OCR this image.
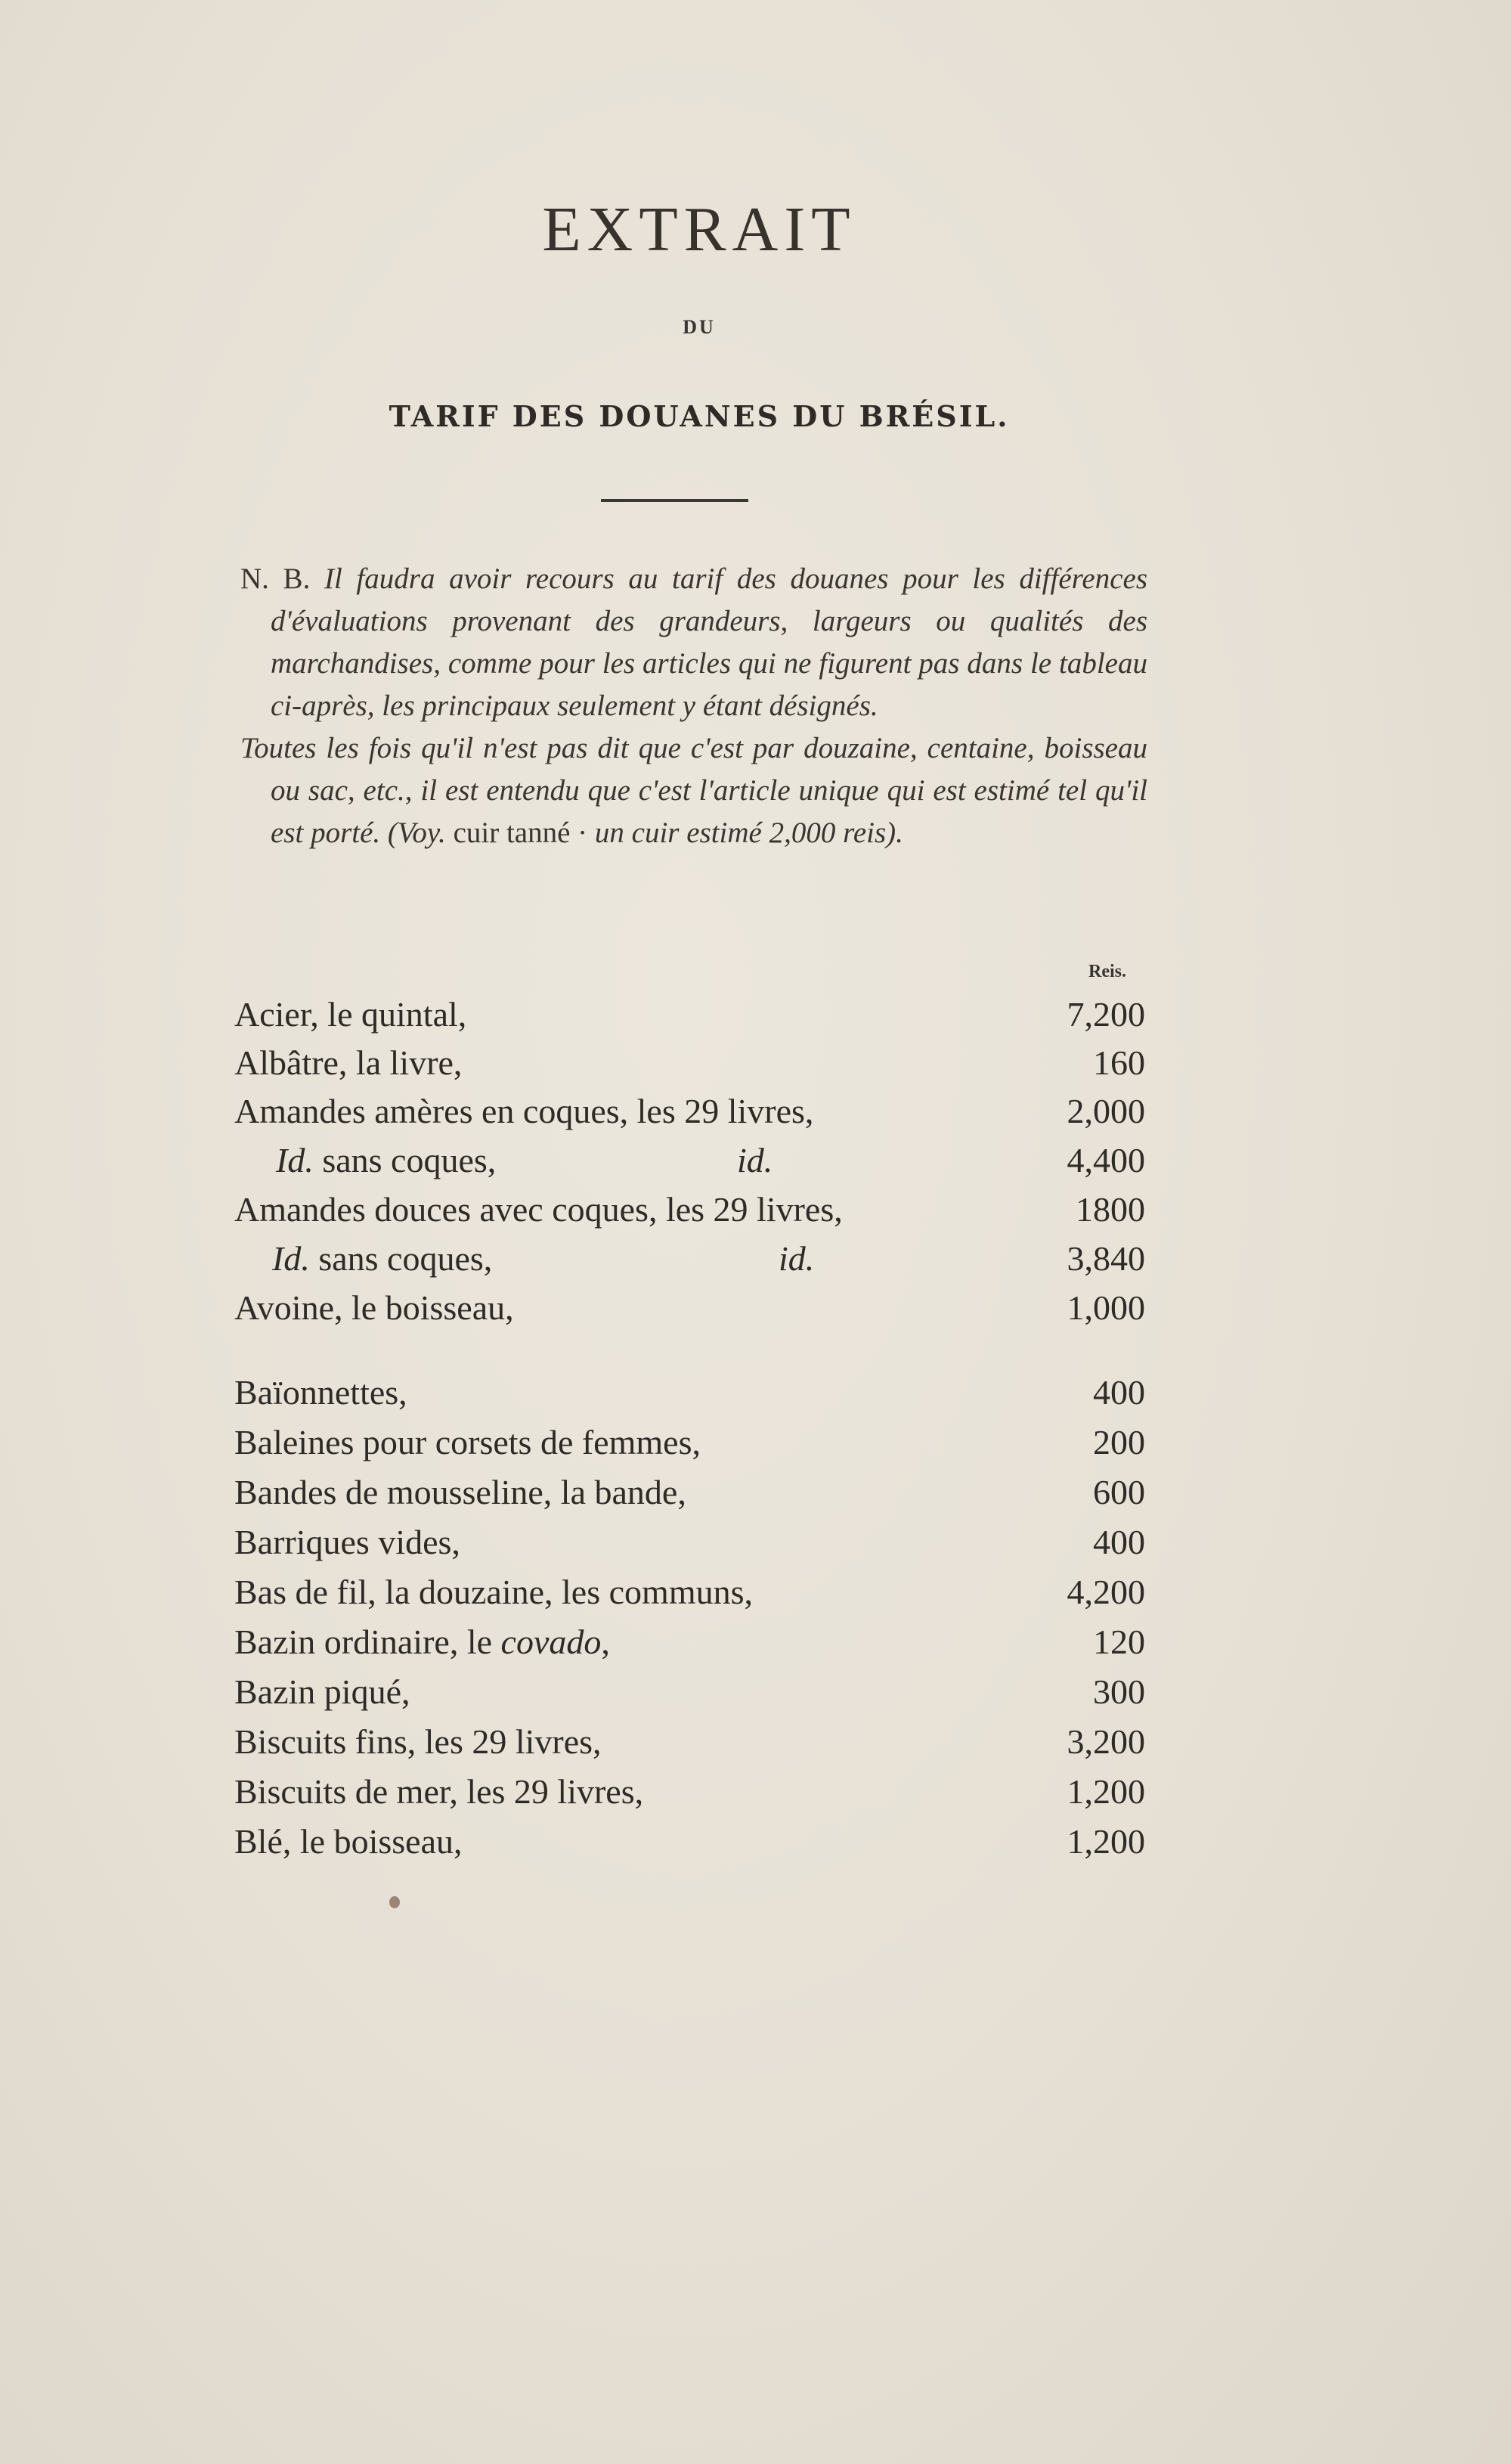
EXTRAIT
DU
TARIF DES DOUANES DU BRÉSIL.

N. B. Il faudra avoir recours au tarif des douanes pour les différences d'évaluations provenant des grandeurs, largeurs ou qualités des marchandises, comme pour les articles qui ne figurent pas dans le tableau ci-après, les principaux seulement y étant désignés.

Toutes les fois qu'il n'est pas dit que c'est par douzaine, centaine, boisseau ou sac, etc., il est entendu que c'est l'article unique qui est estimé tel qu'il est porté. (Voy. cuir tanné · un cuir estimé 2,000 reis).

Reis.
Acier, le quintal,	7,200
Albâtre, la livre,	160
Amandes amères en coques, les 29 livres,	2,000
Id. sans coques,	id.	4,400
Amandes douces avec coques, les 29 livres,	1800
Id. sans coques,	id.	3,840
Avoine, le boisseau,	1,000
Baïonnettes,	400
Baleines pour corsets de femmes,	200
Bandes de mousseline, la bande,	600
Barriques vides,	400
Bas de fil, la douzaine, les communs,	4,200
Bazin ordinaire, le covado,	120
Bazin piqué,	300
Biscuits fins, les 29 livres,	3,200
Biscuits de mer, les 29 livres,	1,200
Blé, le boisseau,	1,200
